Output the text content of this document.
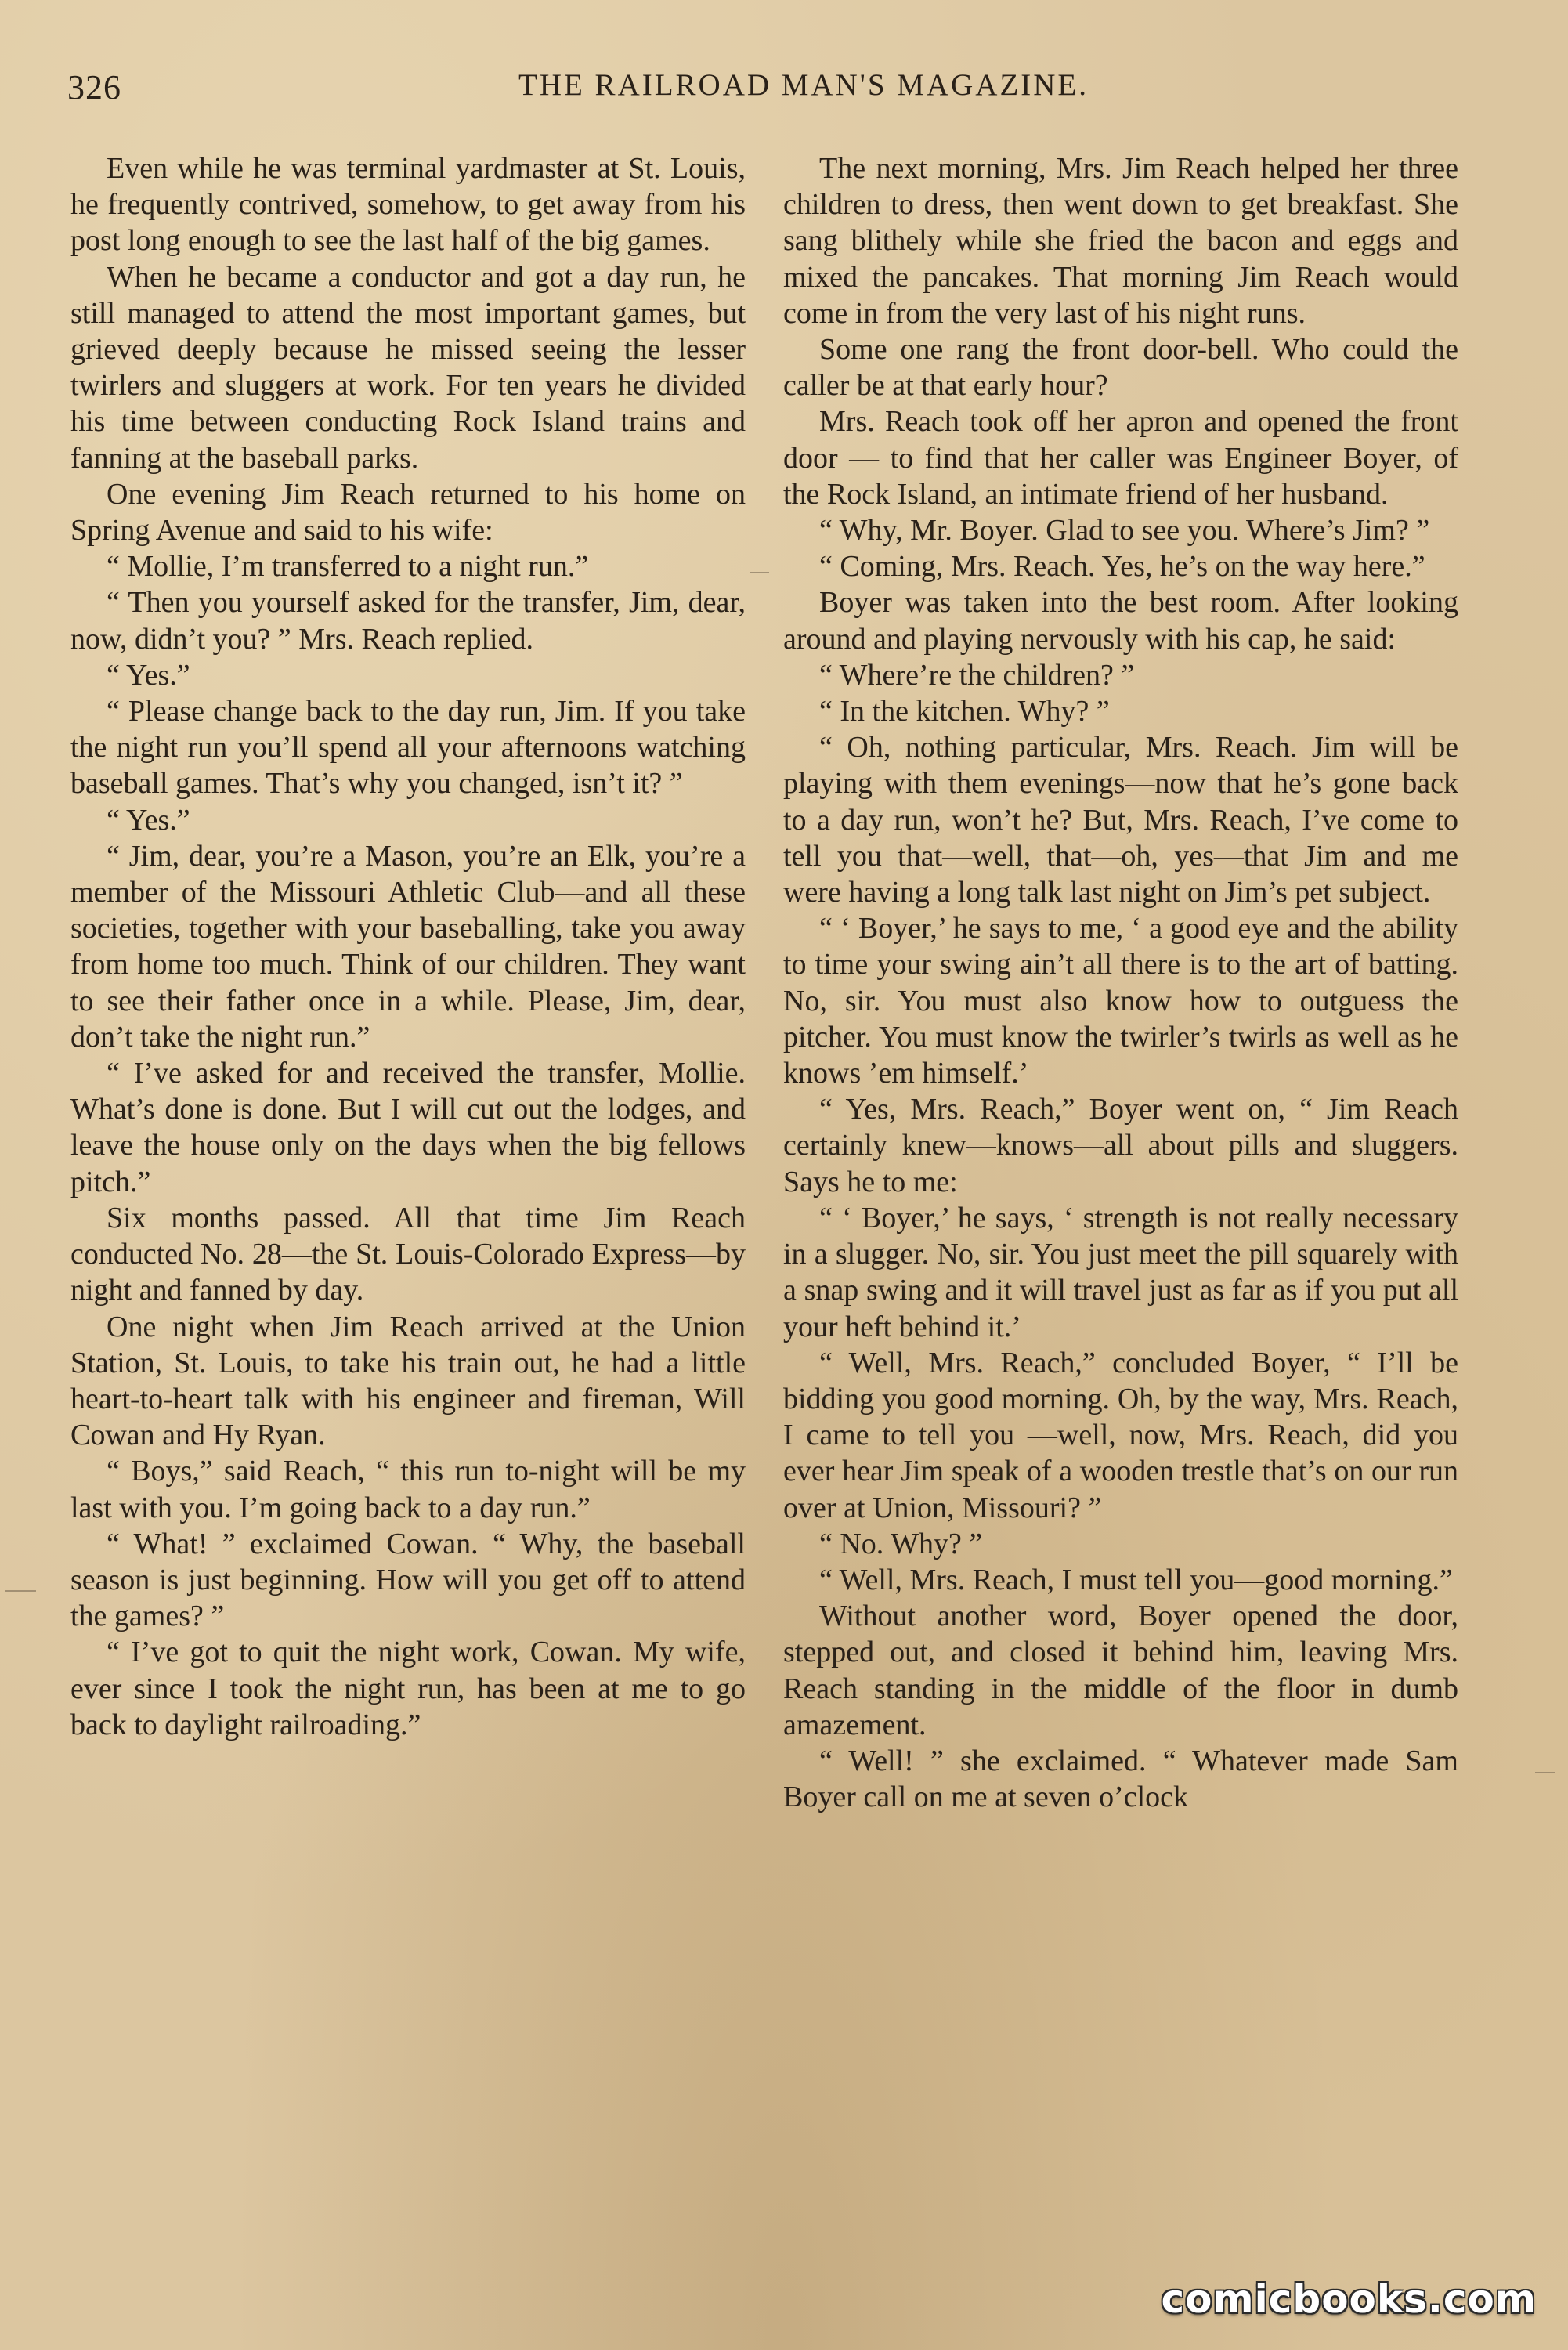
326	THE RAILROAD MAN'S MAGAZINE.

Even while he was terminal yardmaster at St. Louis, he frequently contrived, somehow, to get away from his post long enough to see the last half of the big games.

When he became a conductor and got a day run, he still managed to attend the most important games, but grieved deeply because he missed seeing the lesser twirlers and sluggers at work. For ten years he divided his time between conducting Rock Island trains and fanning at the baseball parks.

One evening Jim Reach returned to his home on Spring Avenue and said to his wife:

“ Mollie, I’m transferred to a night run.”

“ Then you yourself asked for the transfer, Jim, dear, now, didn’t you? ” Mrs. Reach replied.

“ Yes.”

“ Please change back to the day run, Jim. If you take the night run you’ll spend all your afternoons watching baseball games. That’s why you changed, isn’t it? ”

“ Yes.”

“ Jim, dear, you’re a Mason, you’re an Elk, you’re a member of the Missouri Athletic Club—and all these societies, together with your baseballing, take you away from home too much. Think of our children. They want to see their father once in a while. Please, Jim, dear, don’t take the night run.”

“ I’ve asked for and received the transfer, Mollie. What’s done is done. But I will cut out the lodges, and leave the house only on the days when the big fellows pitch.”

Six months passed. All that time Jim Reach conducted No. 28—the St. Louis-Colorado Express—by night and fanned by day.

One night when Jim Reach arrived at the Union Station, St. Louis, to take his train out, he had a little heart-to-heart talk with his engineer and fireman, Will Cowan and Hy Ryan.

“ Boys,” said Reach, “ this run to-night will be my last with you. I’m going back to a day run.”

“ What! ” exclaimed Cowan. “ Why, the baseball season is just beginning. How will you get off to attend the games? ”

“ I’ve got to quit the night work, Cowan. My wife, ever since I took the night run, has been at me to go back to daylight railroading.”

The next morning, Mrs. Jim Reach helped her three children to dress, then went down to get breakfast. She sang blithely while she fried the bacon and eggs and mixed the pancakes. That morning Jim Reach would come in from the very last of his night runs.

Some one rang the front door-bell. Who could the caller be at that early hour?

Mrs. Reach took off her apron and opened the front door — to find that her caller was Engineer Boyer, of the Rock Island, an intimate friend of her husband.

“ Why, Mr. Boyer. Glad to see you. Where’s Jim? ”

“ Coming, Mrs. Reach. Yes, he’s on the way here.”

Boyer was taken into the best room. After looking around and playing nervously with his cap, he said:

“ Where’re the children? ”

“ In the kitchen. Why? ”

“ Oh, nothing particular, Mrs. Reach. Jim will be playing with them evenings—now that he’s gone back to a day run, won’t he? But, Mrs. Reach, I’ve come to tell you that—well, that—oh, yes—that Jim and me were having a long talk last night on Jim’s pet subject.

“ ‘ Boyer,’ he says to me, ‘ a good eye and the ability to time your swing ain’t all there is to the art of batting. No, sir. You must also know how to outguess the pitcher. You must know the twirler’s twirls as well as he knows ’em himself.’

“ Yes, Mrs. Reach,” Boyer went on, “ Jim Reach certainly knew—knows—all about pills and sluggers. Says he to me:

“ ‘ Boyer,’ he says, ‘ strength is not really necessary in a slugger. No, sir. You just meet the pill squarely with a snap swing and it will travel just as far as if you put all your heft behind it.’

“ Well, Mrs. Reach,” concluded Boyer, “ I’ll be bidding you good morning. Oh, by the way, Mrs. Reach, I came to tell you —well, now, Mrs. Reach, did you ever hear Jim speak of a wooden trestle that’s on our run over at Union, Missouri? ”

“ No. Why? ”

“ Well, Mrs. Reach, I must tell you—good morning.”

Without another word, Boyer opened the door, stepped out, and closed it behind him, leaving Mrs. Reach standing in the middle of the floor in dumb amazement.

“ Well! ” she exclaimed. “ Whatever made Sam Boyer call on me at seven o’clock

comicbooks.com
